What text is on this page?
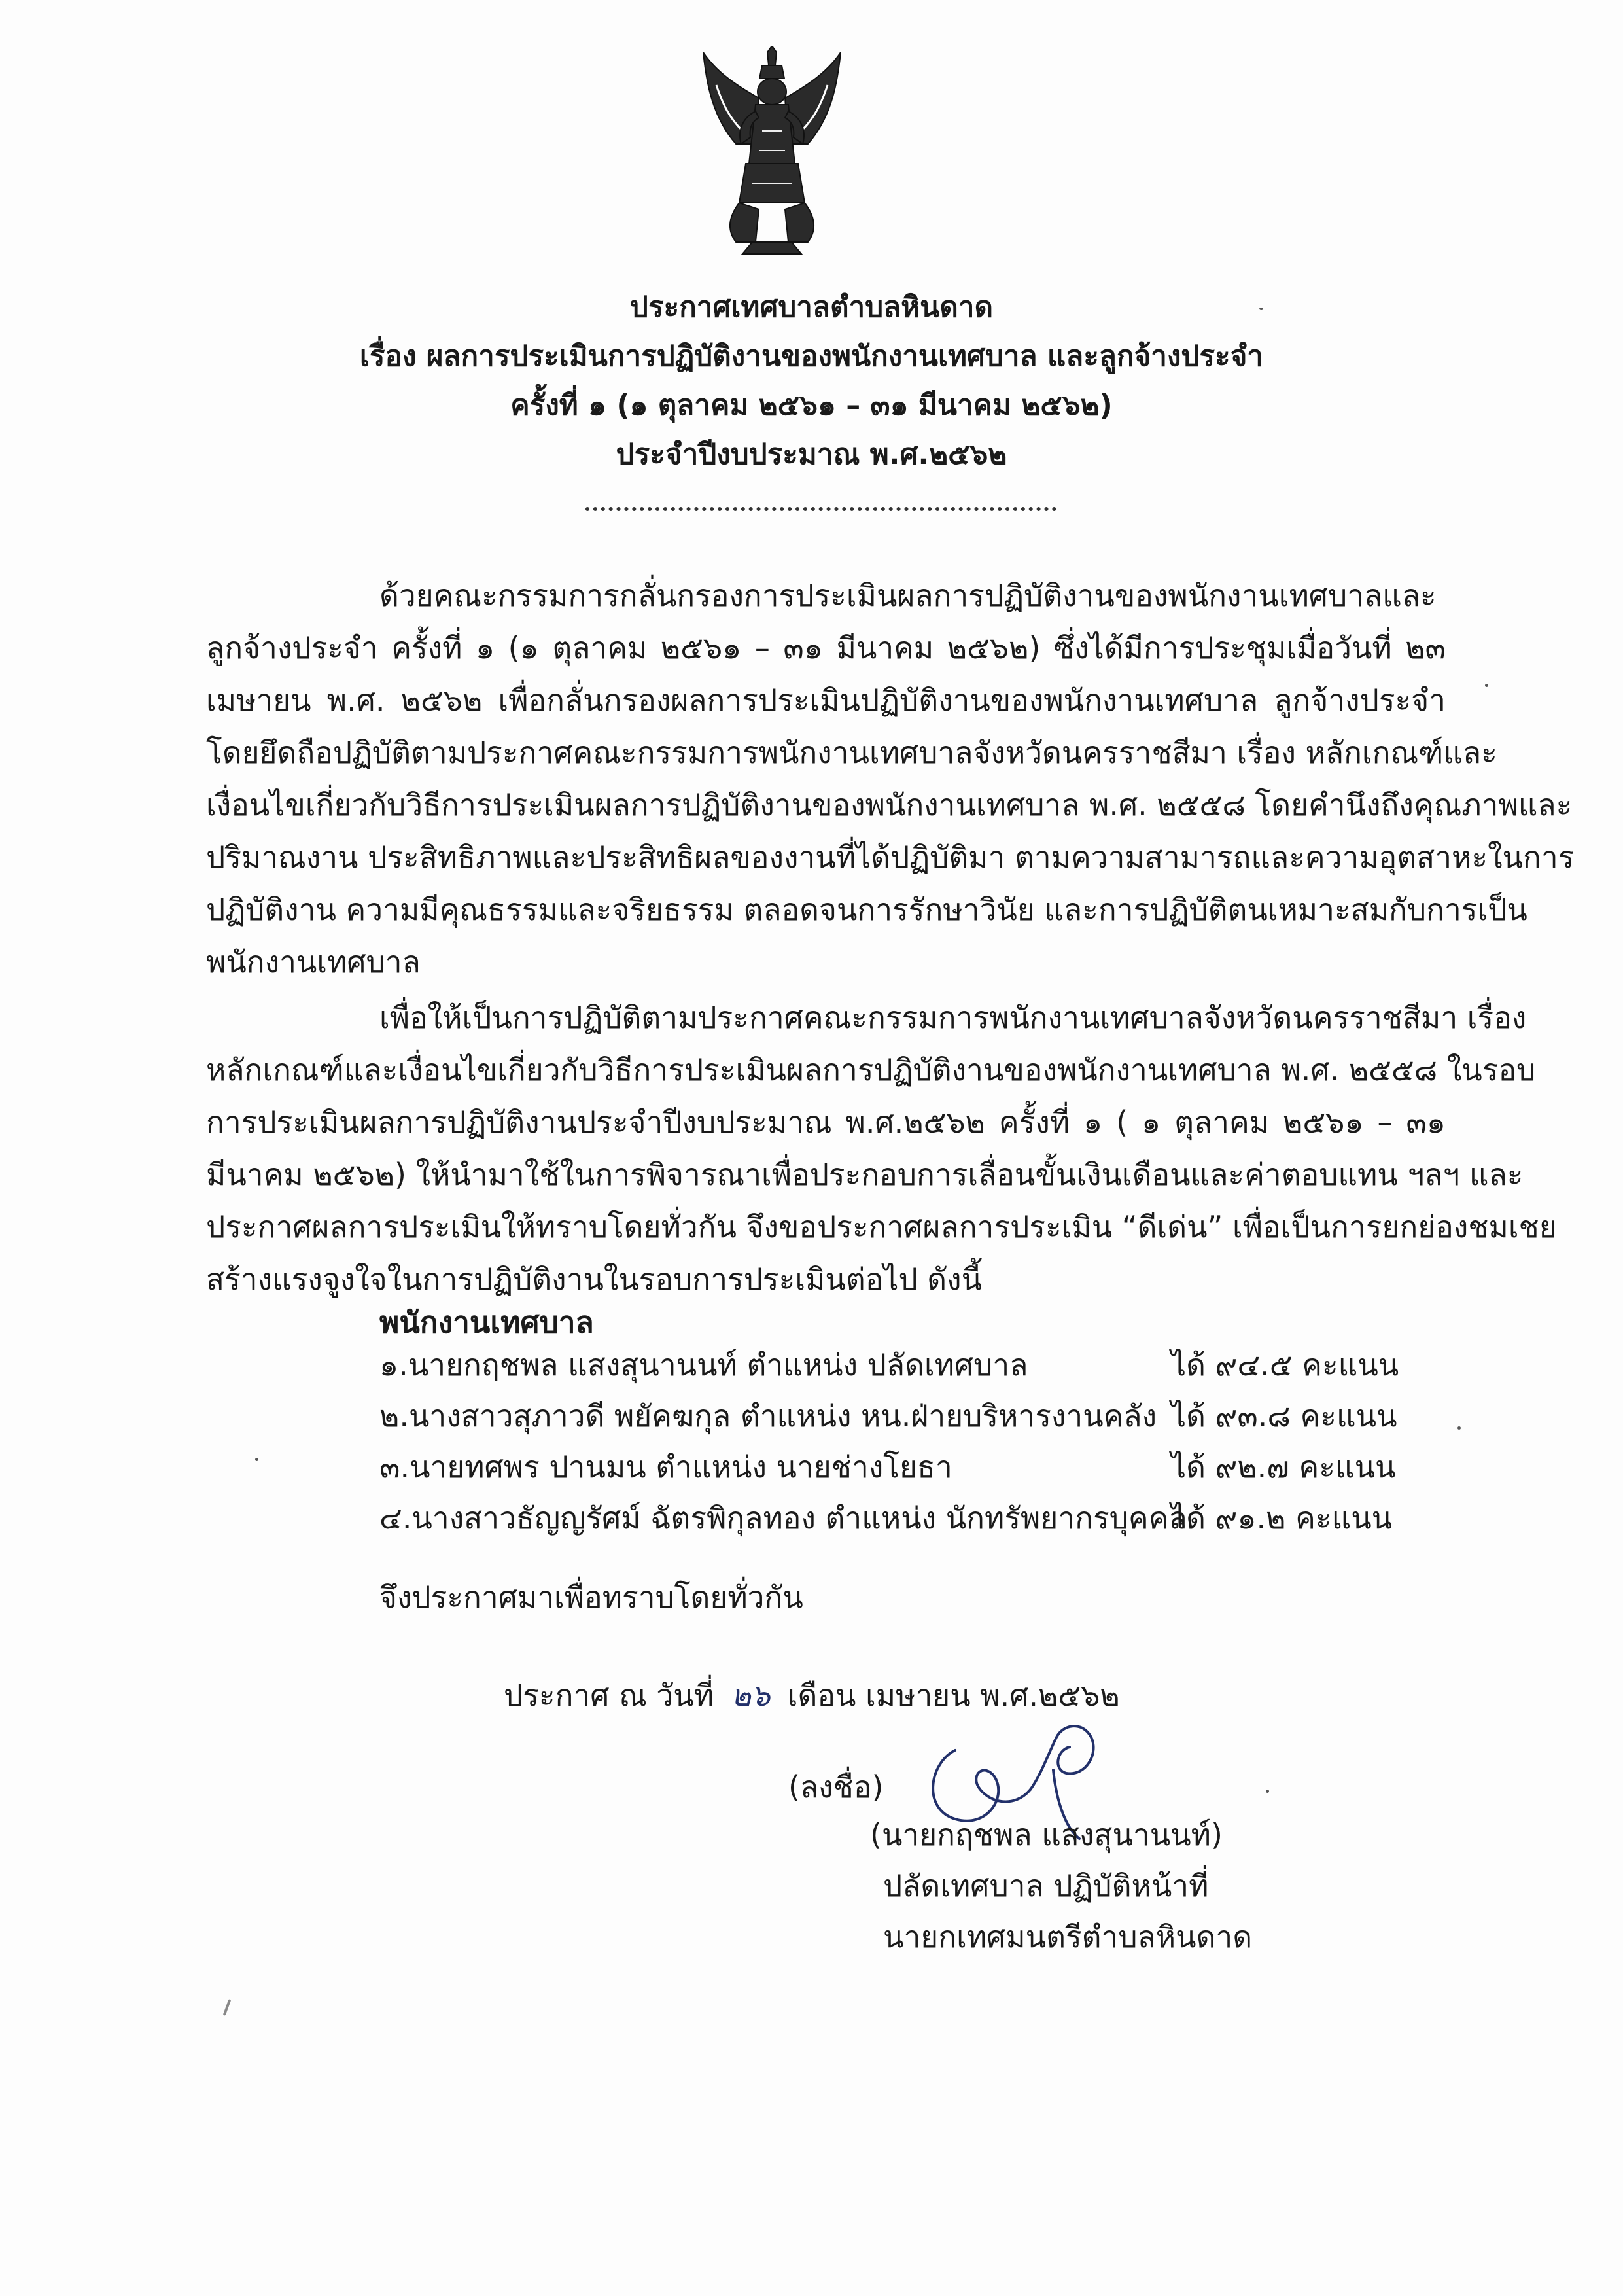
ประกาศเทศบาลตำบลหินดาด
เรื่อง ผลการประเมินการปฏิบัติงานของพนักงานเทศบาล และลูกจ้างประจำ
ครั้งที่ ๑ (๑ ตุลาคม ๒๕๖๑ – ๓๑ มีนาคม ๒๕๖๒)
ประจำปีงบประมาณ พ.ศ.๒๕๖๒
ด้วยคณะกรรมการกลั่นกรองการประเมินผลการปฏิบัติงานของพนักงานเทศบาลและ
ลูกจ้างประจำ ครั้งที่ ๑ (๑ ตุลาคม ๒๕๖๑ – ๓๑ มีนาคม ๒๕๖๒) ซึ่งได้มีการประชุมเมื่อวันที่ ๒๓
เมษายน พ.ศ. ๒๕๖๒ เพื่อกลั่นกรองผลการประเมินปฏิบัติงานของพนักงานเทศบาล ลูกจ้างประจำ
โดยยึดถือปฏิบัติตามประกาศคณะกรรมการพนักงานเทศบาลจังหวัดนครราชสีมา เรื่อง หลักเกณฑ์และ
เงื่อนไขเกี่ยวกับวิธีการประเมินผลการปฏิบัติงานของพนักงานเทศบาล พ.ศ. ๒๕๕๘ โดยคำนึงถึงคุณภาพและ
ปริมาณงาน ประสิทธิภาพและประสิทธิผลของงานที่ได้ปฏิบัติมา ตามความสามารถและความอุตสาหะในการ
ปฏิบัติงาน ความมีคุณธรรมและจริยธรรม ตลอดจนการรักษาวินัย และการปฏิบัติตนเหมาะสมกับการเป็น
พนักงานเทศบาล
เพื่อให้เป็นการปฏิบัติตามประกาศคณะกรรมการพนักงานเทศบาลจังหวัดนครราชสีมา เรื่อง
หลักเกณฑ์และเงื่อนไขเกี่ยวกับวิธีการประเมินผลการปฏิบัติงานของพนักงานเทศบาล พ.ศ. ๒๕๕๘ ในรอบ
การประเมินผลการปฏิบัติงานประจำปีงบประมาณ พ.ศ.๒๕๖๒ ครั้งที่ ๑ ( ๑ ตุลาคม ๒๕๖๑ – ๓๑
มีนาคม ๒๕๖๒) ให้นำมาใช้ในการพิจารณาเพื่อประกอบการเลื่อนขั้นเงินเดือนและค่าตอบแทน ฯลฯ และ
ประกาศผลการประเมินให้ทราบโดยทั่วกัน จึงขอประกาศผลการประเมิน “ดีเด่น” เพื่อเป็นการยกย่องชมเชย
สร้างแรงจูงใจในการปฏิบัติงานในรอบการประเมินต่อไป ดังนี้
พนักงานเทศบาล
๑.นายกฤชพล แสงสุนานนท์ ตำแหน่ง ปลัดเทศบาล	ได้ ๙๔.๕ คะแนน
๒.นางสาวสุภาวดี พยัคฆกุล ตำแหน่ง หน.ฝ่ายบริหารงานคลัง ได้ ๙๓.๘ คะแนน
๓.นายทศพร ปานมน ตำแหน่ง นายช่างโยธา	ได้ ๙๒.๗ คะแนน
๔.นางสาวธัญญรัศม์ ฉัตรพิกุลทอง ตำแหน่ง นักทรัพยากรบุคคล
ได้ ๙๑.๒ คะแนน
จึงประกาศมาเพื่อทราบโดยทั่วกัน
ประกาศ ณ วันที่ ๒๖ เดือน เมษายน พ.ศ.๒๕๖๒
(ลงชื่อ)
(นายกฤชพล แสงสุนานนท์)
ปลัดเทศบาล ปฏิบัติหน้าที่
นายกเทศมนตรีตำบลหินดาด
